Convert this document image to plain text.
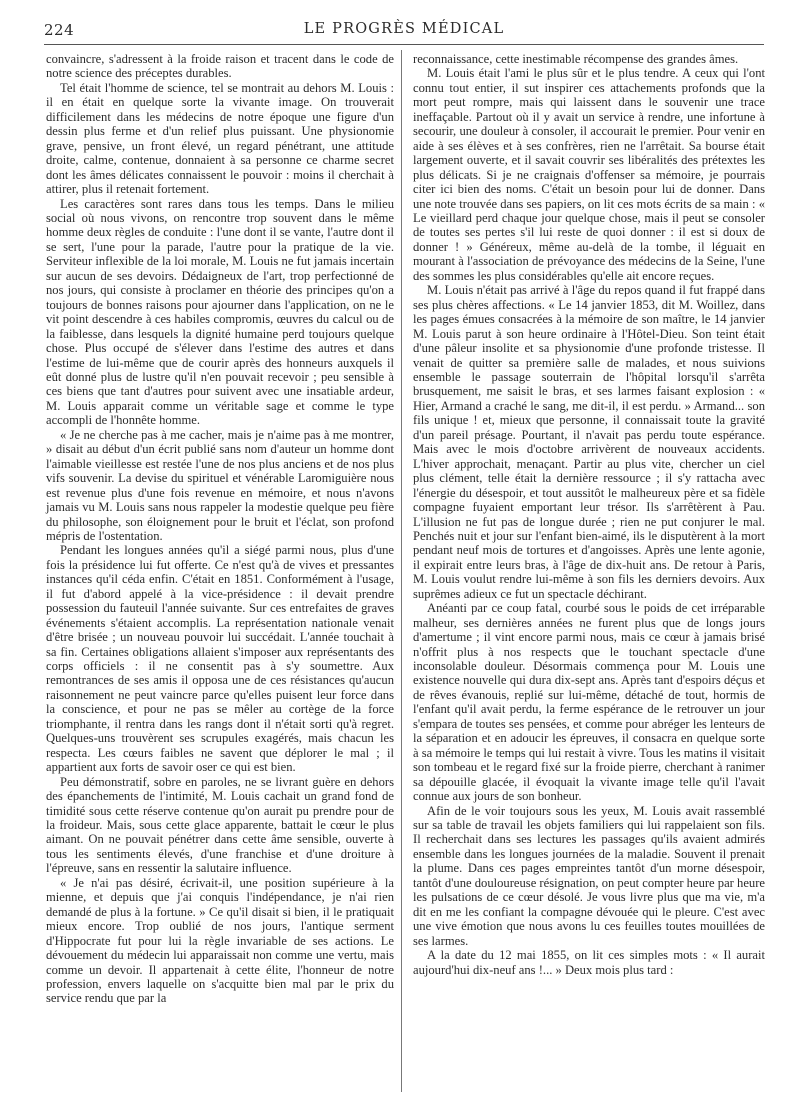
224	LE PROGRÈS MÉDICAL

convaincre, s'adressent à la froide raison et tracent dans le code de notre science des préceptes durables.

Tel était l'homme de science, tel se montrait au dehors M. Louis : il en était en quelque sorte la vivante image. On trouverait difficilement dans les médecins de notre époque une figure d'un dessin plus ferme et d'un relief plus puissant. Une physionomie grave, pensive, un front élevé, un regard pénétrant, une attitude droite, calme, contenue, donnaient à sa personne ce charme secret dont les âmes délicates connaissent le pouvoir : moins il cherchait à attirer, plus il retenait fortement.

Les caractères sont rares dans tous les temps. Dans le milieu social où nous vivons, on rencontre trop souvent dans le même homme deux règles de conduite : l'une dont il se vante, l'autre dont il se sert, l'une pour la parade, l'autre pour la pratique de la vie. Serviteur inflexible de la loi morale, M. Louis ne fut jamais incertain sur aucun de ses devoirs. Dédaigneux de l'art, trop perfectionné de nos jours, qui consiste à proclamer en théorie des principes qu'on a toujours de bonnes raisons pour ajourner dans l'application, on ne le vit point descendre à ces habiles compromis, œuvres du calcul ou de la faiblesse, dans lesquels la dignité humaine perd toujours quelque chose. Plus occupé de s'élever dans l'estime des autres et dans l'estime de lui-même que de courir après des honneurs auxquels il eût donné plus de lustre qu'il n'en pouvait recevoir ; peu sensible à ces biens que tant d'autres pour suivent avec une insatiable ardeur, M. Louis apparait comme un véritable sage et comme le type accompli de l'honnête homme.

« Je ne cherche pas à me cacher, mais je n'aime pas à me montrer, » disait au début d'un écrit publié sans nom d'auteur un homme dont l'aimable vieillesse est restée l'une de nos plus anciens et de nos plus vifs souvenir. La devise du spirituel et vénérable Laromiguière nous est revenue plus d'une fois revenue en mémoire, et nous n'avons jamais vu M. Louis sans nous rappeler la modestie quelque peu fière du philosophe, son éloignement pour le bruit et l'éclat, son profond mépris de l'ostentation.

Pendant les longues années qu'il a siégé parmi nous, plus d'une fois la présidence lui fut offerte. Ce n'est qu'à de vives et pressantes instances qu'il céda enfin. C'était en 1851. Conformément à l'usage, il fut d'abord appelé à la vice-présidence : il devait prendre possession du fauteuil l'année suivante. Sur ces entrefaites de graves événements s'étaient accomplis. La représentation nationale venait d'être brisée ; un nouveau pouvoir lui succédait. L'année touchait à sa fin. Certaines obligations allaient s'imposer aux représentants des corps officiels : il ne consentit pas à s'y soumettre. Aux remontrances de ses amis il opposa une de ces résistances qu'aucun raisonnement ne peut vaincre parce qu'elles puisent leur force dans la conscience, et pour ne pas se mêler au cortège de la force triomphante, il rentra dans les rangs dont il n'était sorti qu'à regret. Quelques-uns trouvèrent ses scrupules exagérés, mais chacun les respecta. Les cœurs faibles ne savent que déplorer le mal ; il appartient aux forts de savoir oser ce qui est bien.

Peu démonstratif, sobre en paroles, ne se livrant guère en dehors des épanchements de l'intimité, M. Louis cachait un grand fond de timidité sous cette réserve contenue qu'on aurait pu prendre pour de la froideur. Mais, sous cette glace apparente, battait le cœur le plus aimant. On ne pouvait pénétrer dans cette âme sensible, ouverte à tous les sentiments élevés, d'une franchise et d'une droiture à l'épreuve, sans en ressentir la salutaire influence.

« Je n'ai pas désiré, écrivait-il, une position supérieure à la mienne, et depuis que j'ai conquis l'indépendance, je n'ai rien demandé de plus à la fortune. » Ce qu'il disait si bien, il le pratiquait mieux encore. Trop oublié de nos jours, l'antique serment d'Hippocrate fut pour lui la règle invariable de ses actions. Le dévouement du médecin lui apparaissait non comme une vertu, mais comme un devoir. Il appartenait à cette élite, l'honneur de notre profession, envers laquelle on s'acquitte bien mal par le prix du service rendu que par la

reconnaissance, cette inestimable récompense des grandes âmes.

M. Louis était l'ami le plus sûr et le plus tendre. A ceux qui l'ont connu tout entier, il sut inspirer ces attachements profonds que la mort peut rompre, mais qui laissent dans le souvenir une trace ineffaçable. Partout où il y avait un service à rendre, une infortune à secourir, une douleur à consoler, il accourait le premier. Pour venir en aide à ses élèves et à ses confrères, rien ne l'arrêtait. Sa bourse était largement ouverte, et il savait couvrir ses libéralités des prétextes les plus délicats. Si je ne craignais d'offenser sa mémoire, je pourrais citer ici bien des noms. C'était un besoin pour lui de donner. Dans une note trouvée dans ses papiers, on lit ces mots écrits de sa main : « Le vieillard perd chaque jour quelque chose, mais il peut se consoler de toutes ses pertes s'il lui reste de quoi donner : il est si doux de donner ! » Généreux, même au-delà de la tombe, il léguait en mourant à l'association de prévoyance des médecins de la Seine, l'une des sommes les plus considérables qu'elle ait encore reçues.

M. Louis n'était pas arrivé à l'âge du repos quand il fut frappé dans ses plus chères affections. « Le 14 janvier 1853, dit M. Woillez, dans les pages émues consacrées à la mémoire de son maître, le 14 janvier M. Louis parut à son heure ordinaire à l'Hôtel-Dieu. Son teint était d'une pâleur insolite et sa physionomie d'une profonde tristesse. Il venait de quitter sa première salle de malades, et nous suivions ensemble le passage souterrain de l'hôpital lorsqu'il s'arrêta brusquement, me saisit le bras, et ses larmes faisant explosion : « Hier, Armand a craché le sang, me dit-il, il est perdu. » Armand... son fils unique ! et, mieux que personne, il connaissait toute la gravité d'un pareil présage. Pourtant, il n'avait pas perdu toute espérance. Mais avec le mois d'octobre arrivèrent de nouveaux accidents. L'hiver approchait, menaçant. Partir au plus vite, chercher un ciel plus clément, telle était la dernière ressource ; il s'y rattacha avec l'énergie du désespoir, et tout aussitôt le malheureux père et sa fidèle compagne fuyaient emportant leur trésor. Ils s'arrêtèrent à Pau. L'illusion ne fut pas de longue durée ; rien ne put conjurer le mal. Penchés nuit et jour sur l'enfant bien-aimé, ils le disputèrent à la mort pendant neuf mois de tortures et d'angoisses. Après une lente agonie, il expirait entre leurs bras, à l'âge de dix-huit ans. De retour à Paris, M. Louis voulut rendre lui-même à son fils les derniers devoirs. Aux suprêmes adieux ce fut un spectacle déchirant.

Anéanti par ce coup fatal, courbé sous le poids de cet irréparable malheur, ses dernières années ne furent plus que de longs jours d'amertume ; il vint encore parmi nous, mais ce cœur à jamais brisé n'offrit plus à nos respects que le touchant spectacle d'une inconsolable douleur. Désormais commença pour M. Louis une existence nouvelle qui dura dix-sept ans. Après tant d'espoirs déçus et de rêves évanouis, replié sur lui-même, détaché de tout, hormis de l'enfant qu'il avait perdu, la ferme espérance de le retrouver un jour s'empara de toutes ses pensées, et comme pour abréger les lenteurs de la séparation et en adoucir les épreuves, il consacra en quelque sorte à sa mémoire le temps qui lui restait à vivre. Tous les matins il visitait son tombeau et le regard fixé sur la froide pierre, cherchant à ranimer sa dépouille glacée, il évoquait la vivante image telle qu'il l'avait connue aux jours de son bonheur.

Afin de le voir toujours sous les yeux, M. Louis avait rassemblé sur sa table de travail les objets familiers qui lui rappelaient son fils. Il recherchait dans ses lectures les passages qu'ils avaient admirés ensemble dans les longues journées de la maladie. Souvent il prenait la plume. Dans ces pages empreintes tantôt d'un morne désespoir, tantôt d'une douloureuse résignation, on peut compter heure par heure les pulsations de ce cœur désolé. Je vous livre plus que ma vie, m'a dit en me les confiant la compagne dévouée qui le pleure. C'est avec une vive émotion que nous avons lu ces feuilles toutes mouillées de ses larmes.

A la date du 12 mai 1855, on lit ces simples mots : « Il aurait aujourd'hui dix-neuf ans !... » Deux mois plus tard :
